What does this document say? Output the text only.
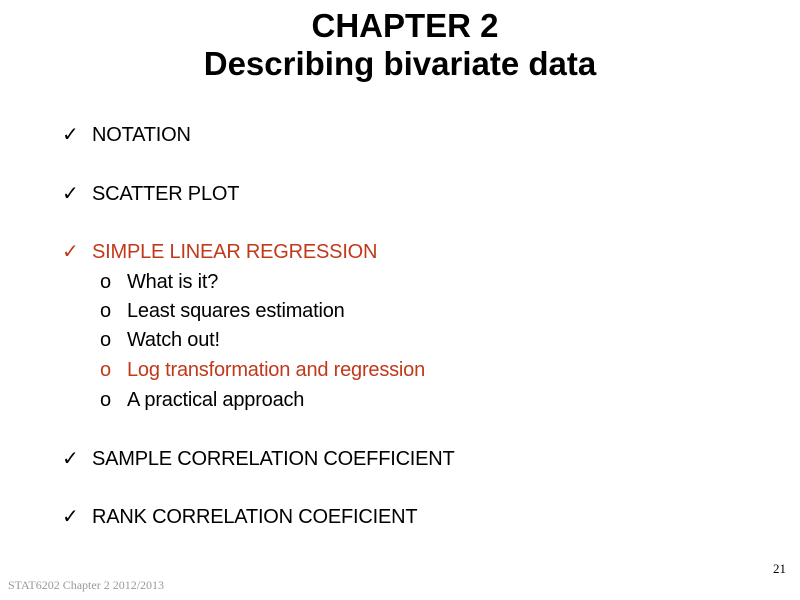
CHAPTER 2
Describing bivariate data
✓ NOTATION
✓ SCATTER PLOT
✓ SIMPLE LINEAR REGRESSION
o What is it?
o Least squares estimation
o Watch out!
o Log transformation and regression
o A practical approach
✓ SAMPLE CORRELATION COEFFICIENT
✓ RANK CORRELATION COEFICIENT
STAT6202 Chapter 2 2012/2013
21
